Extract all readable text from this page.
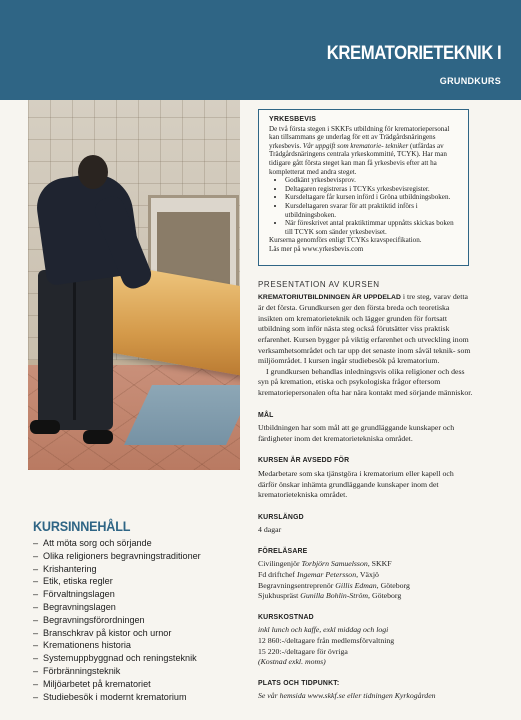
KREMATORIETEKNIK I
GRUNDKURS
YRKESBEVIS

De två första stegen i SKKFs utbildning för krematoriepersonal kan tillsammans ge underlag för ett av Trädgårdsnäringens yrkesbevis. Vår uppgift som krematorie- tekniker (utfärdas av Trädgårdsnäringens centrala yrkeskommitté, TCYK). Har man tidigare gått första steget kan man få yrkesbevis efter att ha kompletterat med andra steget.

• Godkänt yrkesbevisprov.
• Deltagaren registreras i TCYKs yrkesbevisregister.
• Kursdeltagare får kursen införd i Gröna utbildningsboken.
• Kursdeltagaren svarar för att praktiktid införs i utbildningsboken.
• När föreskrivet antal praktiktimmar uppnåtts skickas boken till TCYK som sänder yrkesbeviset.

Kurserna genomförs enligt TCYKs kravspecifikation.

Läs mer på www.yrkesbevis.com

PRESENTATION AV KURSEN

KREMATORIUTBILDNINGEN ÄR UPPDELAD i tre steg, varav detta är det första. Grundkursen ger den första breda och teoretiska insikten om krematorieteknik och lägger grunden för fortsatt utbildning som inför nästa steg också förutsätter viss praktisk erfarenhet. Kursen bygger på viktig erfarenhet och utveckling inom verksamhetsområdet och tar upp det senaste inom såväl teknik- som miljöområdet. I kursen ingår studiebesök på krematorium.

I grundkursen behandlas inledningsvis olika religioner och dess syn på kremation, etiska och psykologiska frågor eftersom krematoriepersonalen ofta har nära kontakt med sörjande människor.

MÅL

Utbildningen har som mål att ge grundläggande kunskaper och färdigheter inom det krematorietekniska området.

KURSEN ÄR AVSEDD FÖR

Medarbetare som ska tjänstgöra i krematorium eller kapell och därför önskar inhämta grundläggande kunskaper inom det krematorietekniska området.

KURSLÄNGD

4 dagar

FÖRELÄSARE

Civilingenjör Torbjörn Samuelsson, SKKF

Fd driftchef Ingemar Petersson, Växjö

Begravningsentreprenör Gillis Edman, Göteborg

Sjukhuspräst Gunilla Bohlin-Ström, Göteborg

KURSKOSTNAD

inkl lunch och kaffe, exkl middag och logi

12 860:-/deltagare från medlemsförvaltning

15 220:-/deltagare för övriga

(Kostnad exkl. moms)

PLATS OCH TIDPUNKT:

Se vår hemsida www.skkf.se eller tidningen Kyrkogården

KURSINNEHÅLL
– Att möta sorg och sörjande
– Olika religioners begravningstraditioner
– Krishantering
– Etik, etiska regler
– Förvaltningslagen
– Begravningslagen
– Begravningsförordningen
– Branschkrav på kistor och urnor
– Kremationens historia
– Systemuppbyggnad och reningsteknik
– Förbränningsteknik
– Miljöarbetet på krematoriet
– Studiebesök i modernt krematorium
